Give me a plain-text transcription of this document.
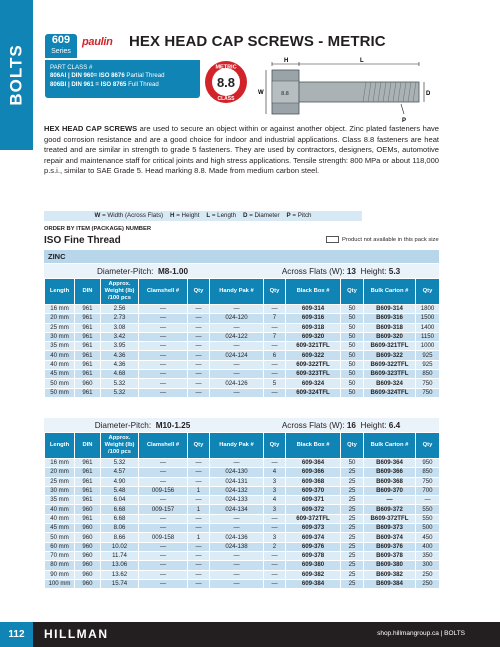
BOLTS
609
Series
paulin HEX HEAD CAP SCREWS - METRIC
PART CLASS #
806AI | DIN 960= ISO 8676 Partial Thread
806BI | DIN 961 = ISO 8765 Full Thread
METRIC
8.8
CLASS
H	L
8.8
W	D
P

HEX HEAD CAP SCREWS are used to secure an object within or against another object. Zinc plated fasteners have good corrosion resistance and are a good choice for indoor and industrial applications. Class 8.8 fasteners are heat treated and are similar in strength to grade 5 fasteners. They are used by contractors, designers, OEMs, automotive repair and maintenance staff for critical joints and high stress applications. Tensile strength: 800 MPa or about 118,000 p.s.i., similar to SAE Grade 5. Head marking 8.8. Made from medium carbon steel.

W = Width (Across Flats) H = Height L = Length D = Diameter P = Pitch
ORDER BY ITEM (PACKAGE) NUMBER
ISO Fine Thread	Product not available in this pack size
ZINC
Diameter-Pitch: M8-1.00	Across Flats (W): 13 Height: 5.3
Length	DIN	Approx. Weight (lb) /100 pcs	Clamshell #	Qty	Handy Pak #	Qty	Black Box #	Qty	Bulk Carton #	Qty
16 mm	961	2.56	—	—	—	—	609-314	50	B609-314	1800
20 mm	961	2.73	—	—	024-120	7	609-316	50	B609-316	1500
25 mm	961	3.08	—	—	—	—	609-318	50	B609-318	1400
30 mm	961	3.42	—	—	024-122	7	609-320	50	B609-320	1150
35 mm	961	3.95	—	—	—	—	609-321TFL	50	B609-321TFL	1000
40 mm	961	4.36	—	—	024-124	6	609-322	50	B609-322	925
40 mm	961	4.36	—	—	—	—	609-322TFL	50	B609-322TFL	925
45 mm	961	4.68	—	—	—	—	609-323TFL	50	B609-323TFL	850
50 mm	960	5.32	—	—	024-126	5	609-324	50	B609-324	750
50 mm	961	5.32	—	—	—	—	609-324TFL	50	B609-324TFL	750
Diameter-Pitch: M10-1.25	Across Flats (W): 16 Height: 6.4
Length	DIN	Approx. Weight (lb) /100 pcs	Clamshell #	Qty	Handy Pak #	Qty	Black Box #	Qty	Bulk Carton #	Qty
16 mm	961	5.32	—	—	—	—	609-364	50	B609-364	950
20 mm	961	4.57	—	—	024-130	4	609-366	25	B609-366	850
25 mm	961	4.90	—	—	024-131	3	609-368	25	B609-368	750
30 mm	961	5.48	009-156	1	024-132	3	609-370	25	B609-370	700
35 mm	961	6.04	—	—	024-133	4	609-371	25	—	—
40 mm	960	6.68	009-157	1	024-134	3	609-372	25	B609-372	550
40 mm	961	6.68	—	—	—	—	609-372TFL	25	B609-372TFL	550
45 mm	960	8.06	—	—	—	—	609-373	25	B609-373	500
50 mm	960	8.66	009-158	1	024-136	3	609-374	25	B609-374	450
60 mm	960	10.02	—	—	024-138	2	609-376	25	B609-376	400
70 mm	960	11.74	—	—	—	—	609-378	25	B609-378	350
80 mm	960	13.06	—	—	—	—	609-380	25	B609-380	300
90 mm	960	13.62	—	—	—	—	609-382	25	B609-382	250
100 mm	960	15.74	—	—	—	—	609-384	25	B609-384	250
112	HILLMAN	shop.hillmangroup.ca | BOLTS
